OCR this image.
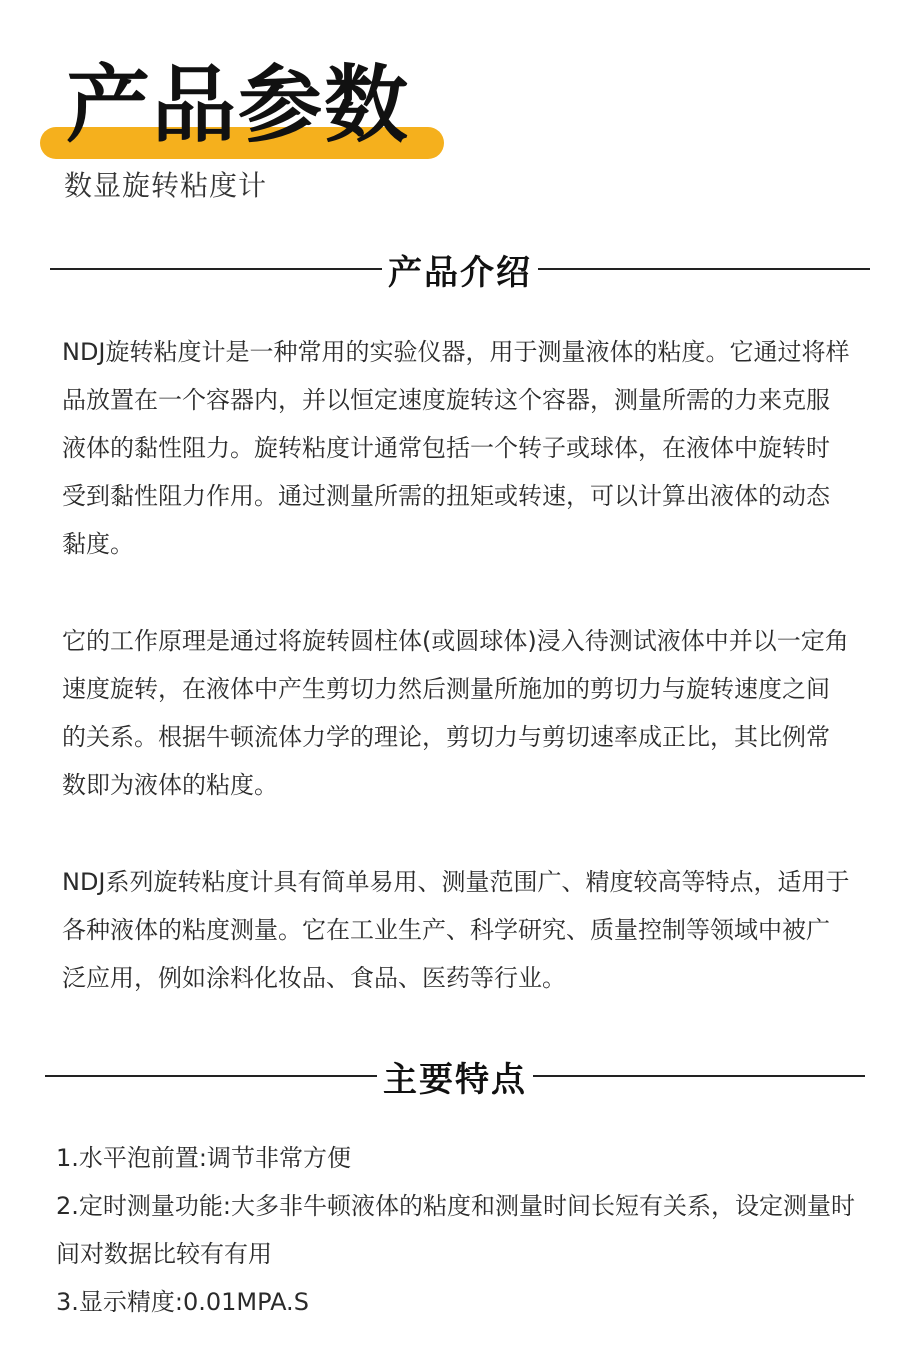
产品参数
数显旋转粘度计
产品介绍

NDJ旋转粘度计是一种常用的实验仪器，用于测量液体的粘度。它通过将样品放置在一个容器内，并以恒定速度旋转这个容器，测量所需的力来克服液体的黏性阻力。旋转粘度计通常包括一个转子或球体，在液体中旋转时受到黏性阻力作用。通过测量所需的扭矩或转速，可以计算出液体的动态黏度。

它的工作原理是通过将旋转圆柱体(或圆球体)浸入待测试液体中并以一定角速度旋转，在液体中产生剪切力然后测量所施加的剪切力与旋转速度之间的关系。根据牛顿流体力学的理论，剪切力与剪切速率成正比，其比例常数即为液体的粘度。

NDJ系列旋转粘度计具有简单易用、测量范围广、精度较高等特点，适用于各种液体的粘度测量。它在工业生产、科学研究、质量控制等领域中被广泛应用，例如涂料化妆品、食品、医药等行业。

主要特点

1.水平泡前置:调节非常方便

2.定时测量功能:大多非牛顿液体的粘度和测量时间长短有关系，设定测量时间对数据比较有有用

3.显示精度:0.01MPA.S
